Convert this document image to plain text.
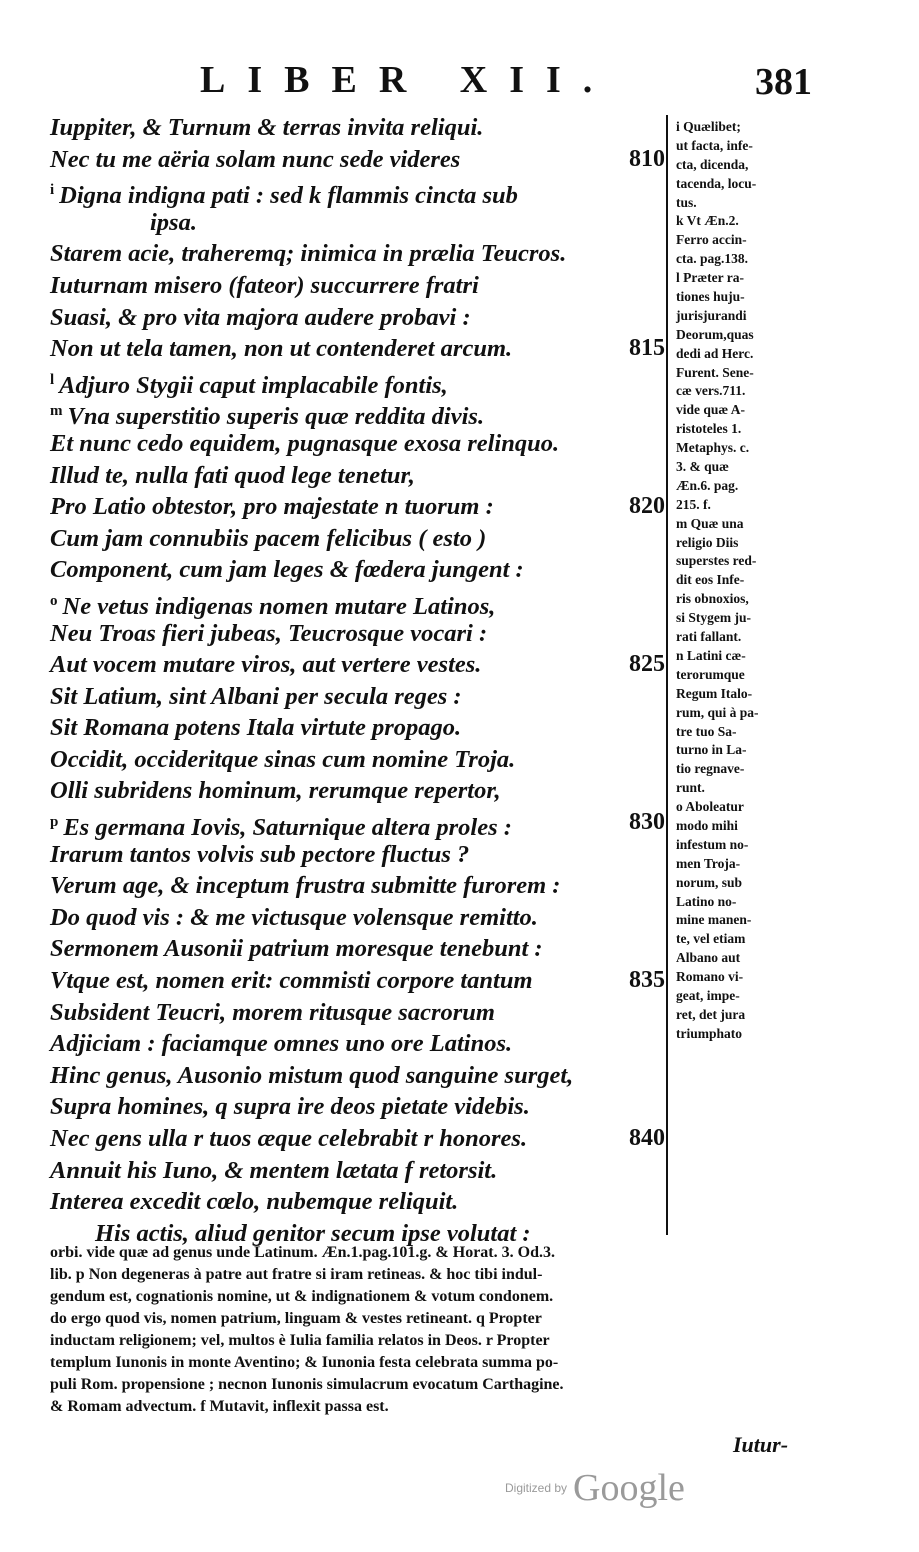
LIBER XII.	381
Iuppiter, & Turnum & terras invita reliqui.
Nec tu me aëria solam nunc sede videres	810
$^i$ Digna indigna pati : sed k flammis cincta sub
ipsa.
Starem acie, traheremq; inimica in prælia Teucros.
Iuturnam misero (fateor) succurrere fratri
Suasi, & pro vita majora audere probavi :
Non ut tela tamen, non ut contenderet arcum.	815
$^l$ Adjuro Stygii caput implacabile fontis,
$^m$ Vna superstitio superis quæ reddita divis.
Et nunc cedo equidem, pugnasque exosa relinquo.
Illud te, nulla fati quod lege tenetur,
Pro Latio obtestor, pro majestate n tuorum :	820
Cum jam connubiis pacem felicibus ( esto )
Component, cum jam leges & fœdera jungent :
$^o$ Ne vetus indigenas nomen mutare Latinos,
Neu Troas fieri jubeas, Teucrosque vocari :
Aut vocem mutare viros, aut vertere vestes.	825
Sit Latium, sint Albani per secula reges :
Sit Romana potens Itala virtute propago.
Occidit, occideritque sinas cum nomine Troja.
Olli subridens hominum, rerumque repertor,
$^p$ Es germana Iovis, Saturnique altera proles :	830
Irarum tantos volvis sub pectore fluctus ?
Verum age, & inceptum frustra submitte furorem :
Do quod vis : & me victusque volensque remitto.
Sermonem Ausonii patrium moresque tenebunt :
Vtque est, nomen erit: commisti corpore tantum	835
Subsident Teucri, morem ritusque sacrorum
Adjiciam : faciamque omnes uno ore Latinos.
Hinc genus, Ausonio mistum quod sanguine surget,
Supra homines, q supra ire deos pietate videbis.
Nec gens ulla r tuos æque celebrabit r honores.	840
Annuit his Iuno, & mentem lætata f retorsit.
Interea excedit cœlo, nubemque reliquit.
His actis, aliud genitor secum ipse volutat :
i Quælibet;
ut facta, infe-
cta, dicenda,
tacenda, locu-
tus.
k Vt Æn.2.
Ferro accin-
cta. pag.138.
l Præter ra-
tiones huju-
jurisjurandi
Deorum,quas
dedi ad Herc.
Furent. Sene-
cæ vers.711.
vide quæ A-
ristoteles 1.
Metaphys. c.
3. & quæ
Æn.6. pag.
215. f.
m Quæ una
religio Diis
superstes red-
dit eos Infe-
ris obnoxios,
si Stygem ju-
rati fallant.
n Latini cæ-
terorumque
Regum Italo-
rum, qui à pa-
tre tuo Sa-
turno in La-
tio regnave-
runt.
o Aboleatur
modo mihi
infestum no-
men Troja-
norum, sub
Latino no-
mine manen-
te, vel etiam
Albano aut
Romano vi-
geat, impe-
ret, det jura
triumphato
orbi. vide quæ ad genus unde Latinum. Æn.1.pag.101.g. & Horat. 3. Od.3.
lib. p Non degeneras à patre aut fratre si iram retineas. & hoc tibi indul-
gendum est, cognationis nomine, ut & indignationem & votum condonem.
do ergo quod vis, nomen patrium, linguam & vestes retineant. q Propter
inductam religionem; vel, multos è Iulia familia relatos in Deos. r Propter
templum Iunonis in monte Aventino; & Iunonia festa celebrata summa po-
puli Rom. propensione ; necnon Iunonis simulacrum evocatum Carthagine.
& Romam advectum. f Mutavit, inflexit passa est.
Iutur-
Digitized by Google
